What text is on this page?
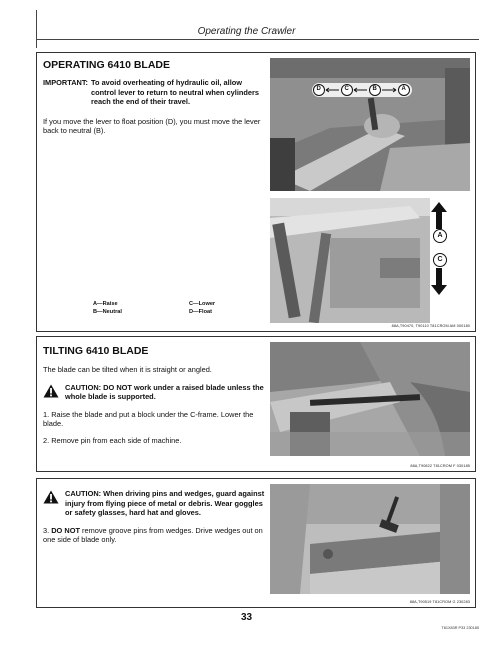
Operating the Crawler

OPERATING 6410 BLADE

IMPORTANT: To avoid overheating of hydraulic oil, allow control lever to return to neutral when cylinders reach the end of their travel.

If you move the lever to float position (D), you must move the lever back to neutral (B).

A—Raise
B—Neutral
C—Lower
D—Float
D	C	B	A
A
C
88A,T90470, T90110 T81CROM AM 000180

TILTING 6410 BLADE

The blade can be tilted when it is straight or angled.

CAUTION: DO NOT work under a raised blade unless the whole blade is supported.

1. Raise the blade and put a block under the C-frame. Lower the blade.

2. Remove pin from each side of machine.

88A,T90822 T81CROM F 030185
CAUTION: When driving pins and wedges, guard against injury from flying piece of metal or debris. Wear goggles or safety glasses, hard hat and gloves.

3. DO NOT remove groove pins from wedges. Drive wedges out on one side of blade only.

88A,T90519 T81CROM G 230283
33
T81X83R P33 230185
